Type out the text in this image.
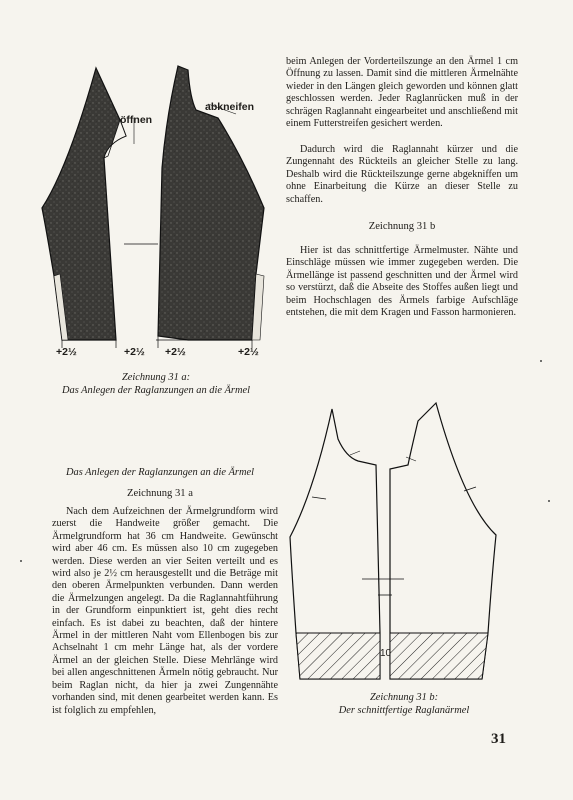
öffnen
abkneifen
+2½	+2½ +2½	+2½
Zeichnung 31 a:
Das Anlegen der Raglanzungen an die Ärmel
Das Anlegen der Raglanzungen an die Ärmel
Zeichnung 31 a

Nach dem Aufzeichnen der Ärmelgrundform wird zuerst die Handweite größer gemacht. Die Ärmelgrundform hat 36 cm Handweite. Gewünscht wird aber 46 cm. Es müssen also 10 cm zugegeben werden. Diese werden an vier Seiten verteilt und es wird also je 2½ cm herausgestellt und die Beträge mit den oberen Ärmelpunkten verbunden. Dann werden die Ärmelzungen angelegt. Da die Raglannahtführung in der Grundform einpunktiert ist, geht dies recht einfach. Es ist dabei zu beachten, daß der hintere Ärmel in der mittleren Naht vom Ellenbogen bis zur Achselnaht 1 cm mehr Länge hat, als der vordere Ärmel an der gleichen Stelle. Diese Mehrlänge wird bei allen angeschnittenen Ärmeln nötig gebraucht. Nur beim Raglan nicht, da hier ja zwei Zungennähte vorhanden sind, mit denen gearbeitet werden kann. Es ist folglich zu empfehlen,

beim Anlegen der Vorderteilszunge an den Ärmel 1 cm Öffnung zu lassen. Damit sind die mittleren Ärmelnähte wieder in den Längen gleich geworden und können glatt geschlossen werden. Jeder Raglanrücken muß in der schrägen Raglannaht eingearbeitet und anschließend mit einem Futterstreifen gesichert werden.

Dadurch wird die Raglannaht kürzer und die Zungennaht des Rückteils an gleicher Stelle zu lang. Deshalb wird die Rückteilszunge gerne abgekniffen um ohne Einarbeitung die Kürze an dieser Stelle zu schaffen.

Zeichnung 31 b

Hier ist das schnittfertige Ärmelmuster. Nähte und Einschläge müssen wie immer zugegeben werden. Die Ärmellänge ist passend geschnitten und der Ärmel wird so verstürzt, daß die Abseite des Stoffes außen liegt und beim Hochschlagen des Ärmels farbige Aufschläge entstehen, die mit dem Kragen und Fasson harmonieren.

10
Zeichnung 31 b:
Der schnittfertige Raglanärmel
31
